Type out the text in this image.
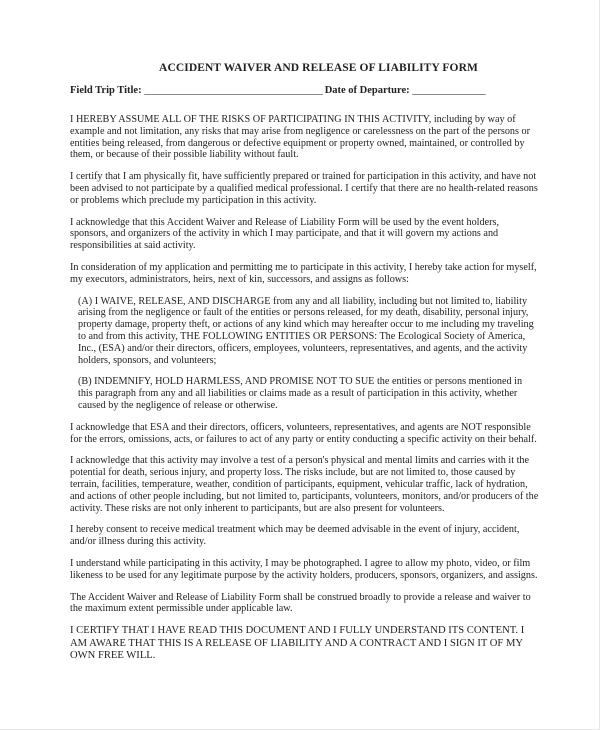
ACCIDENT WAIVER AND RELEASE OF LIABILITY FORM
Field Trip Title: __________________________________ Date of Departure: ______________

I HEREBY ASSUME ALL OF THE RISKS OF PARTICIPATING IN THIS ACTIVITY, including by way of example and not limitation, any risks that may arise from negligence or carelessness on the part of the persons or entities being released, from dangerous or defective equipment or property owned, maintained, or controlled by them, or because of their possible liability without fault.

I certify that I am physically fit, have sufficiently prepared or trained for participation in this activity, and have not been advised to not participate by a qualified medical professional. I certify that there are no health-related reasons or problems which preclude my participation in this activity.

I acknowledge that this Accident Waiver and Release of Liability Form will be used by the event holders, sponsors, and organizers of the activity in which I may participate, and that it will govern my actions and responsibilities at said activity.

In consideration of my application and permitting me to participate in this activity, I hereby take action for myself, my executors, administrators, heirs, next of kin, successors, and assigns as follows:

(A) I WAIVE, RELEASE, AND DISCHARGE from any and all liability, including but not limited to, liability arising from the negligence or fault of the entities or persons released, for my death, disability, personal injury, property damage, property theft, or actions of any kind which may hereafter occur to me including my traveling to and from this activity, THE FOLLOWING ENTITIES OR PERSONS: The Ecological Society of America, Inc., (ESA) and/or their directors, officers, employees, volunteers, representatives, and agents, and the activity holders, sponsors, and volunteers;

(B) INDEMNIFY, HOLD HARMLESS, AND PROMISE NOT TO SUE the entities or persons mentioned in this paragraph from any and all liabilities or claims made as a result of participation in this activity, whether caused by the negligence of release or otherwise.

I acknowledge that ESA and their directors, officers, volunteers, representatives, and agents are NOT responsible for the errors, omissions, acts, or failures to act of any party or entity conducting a specific activity on their behalf.

I acknowledge that this activity may involve a test of a person's physical and mental limits and carries with it the potential for death, serious injury, and property loss. The risks include, but are not limited to, those caused by terrain, facilities, temperature, weather, condition of participants, equipment, vehicular traffic, lack of hydration, and actions of other people including, but not limited to, participants, volunteers, monitors, and/or producers of the activity. These risks are not only inherent to participants, but are also present for volunteers.

I hereby consent to receive medical treatment which may be deemed advisable in the event of injury, accident, and/or illness during this activity.

I understand while participating in this activity, I may be photographed. I agree to allow my photo, video, or film likeness to be used for any legitimate purpose by the activity holders, producers, sponsors, organizers, and assigns.

The Accident Waiver and Release of Liability Form shall be construed broadly to provide a release and waiver to the maximum extent permissible under applicable law.

I CERTIFY THAT I HAVE READ THIS DOCUMENT AND I FULLY UNDERSTAND ITS CONTENT. I AM AWARE THAT THIS IS A RELEASE OF LIABILITY AND A CONTRACT AND I SIGN IT OF MY OWN FREE WILL.
